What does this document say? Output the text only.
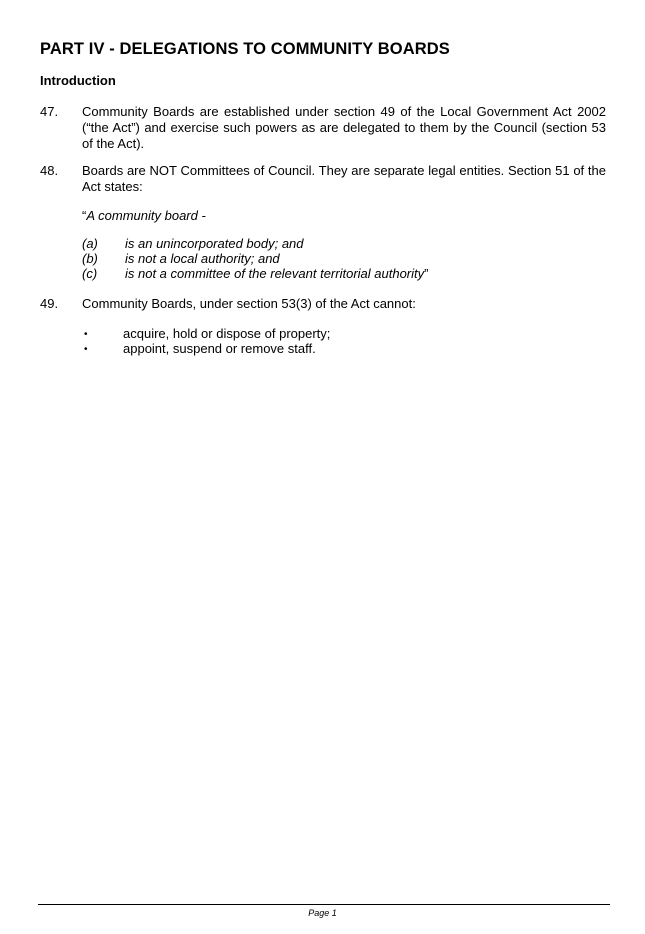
PART IV - DELEGATIONS TO COMMUNITY BOARDS
Introduction
47. Community Boards are established under section 49 of the Local Government Act 2002 (“the Act”) and exercise such powers as are delegated to them by the Council (section 53 of the Act).
48. Boards are NOT Committees of Council. They are separate legal entities. Section 51 of the Act states:
“A community board -
(a) is an unincorporated body; and
(b) is not a local authority; and
(c) is not a committee of the relevant territorial authority”
49. Community Boards, under section 53(3) of the Act cannot:
•	acquire, hold or dispose of property;
•	appoint, suspend or remove staff.
Page 1
